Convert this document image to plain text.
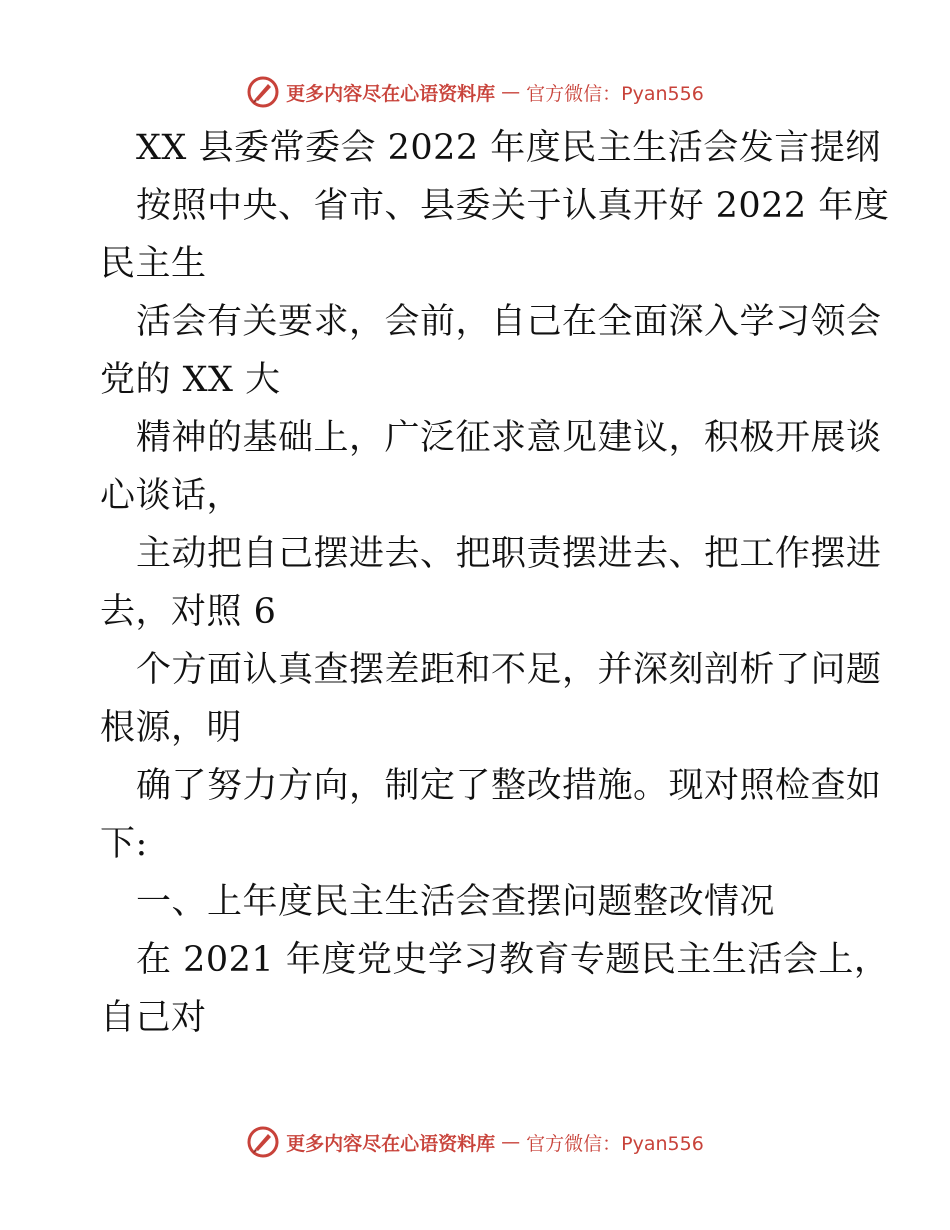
更多内容尽在心语资料库 — 官方微信：Pyan556
XX 县委常委会 2022 年度民主生活会发言提纲
按照中央、省市、县委关于认真开好 2022 年度
民主生
活会有关要求，会前，自己在全面深入学习领会
党的 XX 大
精神的基础上，广泛征求意见建议，积极开展谈
心谈话，
主动把自己摆进去、把职责摆进去、把工作摆进
去，对照 6
个方面认真查摆差距和不足，并深刻剖析了问题
根源，明
确了努力方向，制定了整改措施。现对照检查如
下:
一、上年度民主生活会查摆问题整改情况
在 2021 年度党史学习教育专题民主生活会上，
自己对
更多内容尽在心语资料库 — 官方微信：Pyan556
